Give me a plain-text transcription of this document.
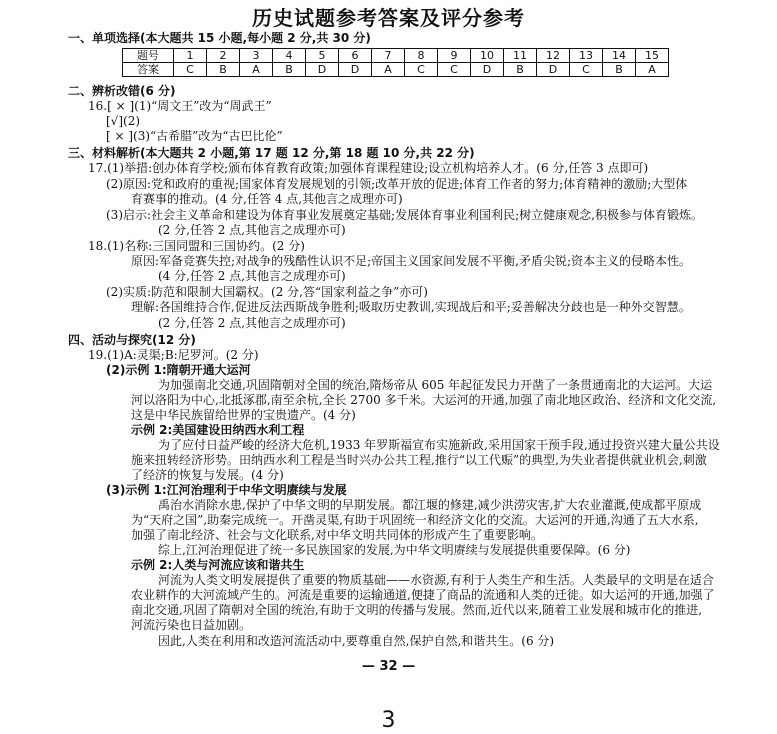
历史试题参考答案及评分参考
一、单项选择(本大题共 15 小题,每小题 2 分,共 30 分)
题号	1	2	3	4	5	6	7	8	9	10	11	12	13	14	15
答案	C	B	A	B	D	D	A	C	C	D	B	D	C	B	A
二、辨析改错(6 分)
16.[ × ](1)“周文王”改为“周武王”
[√](2)
[ × ](3)“古希腊”改为“古巴比伦”
三、材料解析(本大题共 2 小题,第 17 题 12 分,第 18 题 10 分,共 22 分)
17.(1)举措:创办体育学校;颁布体育教育政策;加强体育课程建设;设立机构培养人才。(6 分,任答 3 点即可)
(2)原因:党和政府的重视;国家体育发展规划的引领;改革开放的促进;体育工作者的努力;体育精神的激励;大型体
育赛事的推动。(4 分,任答 4 点,其他言之成理亦可)
(3)启示:社会主义革命和建设为体育事业发展奠定基础;发展体育事业利国利民;树立健康观念,积极参与体育锻炼。
(2 分,任答 2 点,其他言之成理亦可)
18.(1)名称:三国同盟和三国协约。(2 分)
原因:军备竞赛失控;对战争的残酷性认识不足;帝国主义国家间发展不平衡,矛盾尖锐;资本主义的侵略本性。
(4 分,任答 2 点,其他言之成理亦可)
(2)实质:防范和限制大国霸权。(2 分,答“国家利益之争”亦可)
理解:各国维持合作,促进反法西斯战争胜利;吸取历史教训,实现战后和平;妥善解决分歧也是一种外交智慧。
(2 分,任答 2 点,其他言之成理亦可)
四、活动与探究(12 分)
19.(1)A:灵渠;B:尼罗河。(2 分)
(2)示例 1:隋朝开通大运河
为加强南北交通,巩固隋朝对全国的统治,隋炀帝从 605 年起征发民力开凿了一条贯通南北的大运河。大运
河以洛阳为中心,北抵涿郡,南至余杭,全长 2700 多千米。大运河的开通,加强了南北地区政治、经济和文化交流,
这是中华民族留给世界的宝贵遗产。(4 分)
示例 2:美国建设田纳西水利工程
为了应付日益严峻的经济大危机,1933 年罗斯福宣布实施新政,采用国家干预手段,通过投资兴建大量公共设
施来扭转经济形势。田纳西水利工程是当时兴办公共工程,推行“以工代赈”的典型,为失业者提供就业机会,刺激
了经济的恢复与发展。(4 分)
(3)示例 1:江河治理利于中华文明赓续与发展
禹治水消除水患,保护了中华文明的早期发展。都江堰的修建,减少洪涝灾害,扩大农业灌溉,使成都平原成
为“天府之国”,助秦完成统一。开凿灵渠,有助于巩固统一和经济文化的交流。大运河的开通,沟通了五大水系,
加强了南北经济、社会与文化联系,对中华文明共同体的形成产生了重要影响。
综上,江河治理促进了统一多民族国家的发展,为中华文明赓续与发展提供重要保障。(6 分)
示例 2:人类与河流应该和谐共生
河流为人类文明发展提供了重要的物质基础——水资源,有利于人类生产和生活。人类最早的文明是在适合
农业耕作的大河流域产生的。河流是重要的运输通道,便捷了商品的流通和人类的迁徙。如大运河的开通,加强了
南北交通,巩固了隋朝对全国的统治,有助于文明的传播与发展。然而,近代以来,随着工业发展和城市化的推进,
河流污染也日益加剧。
因此,人类在利用和改造河流活动中,要尊重自然,保护自然,和谐共生。(6 分)
— 32 —
3
